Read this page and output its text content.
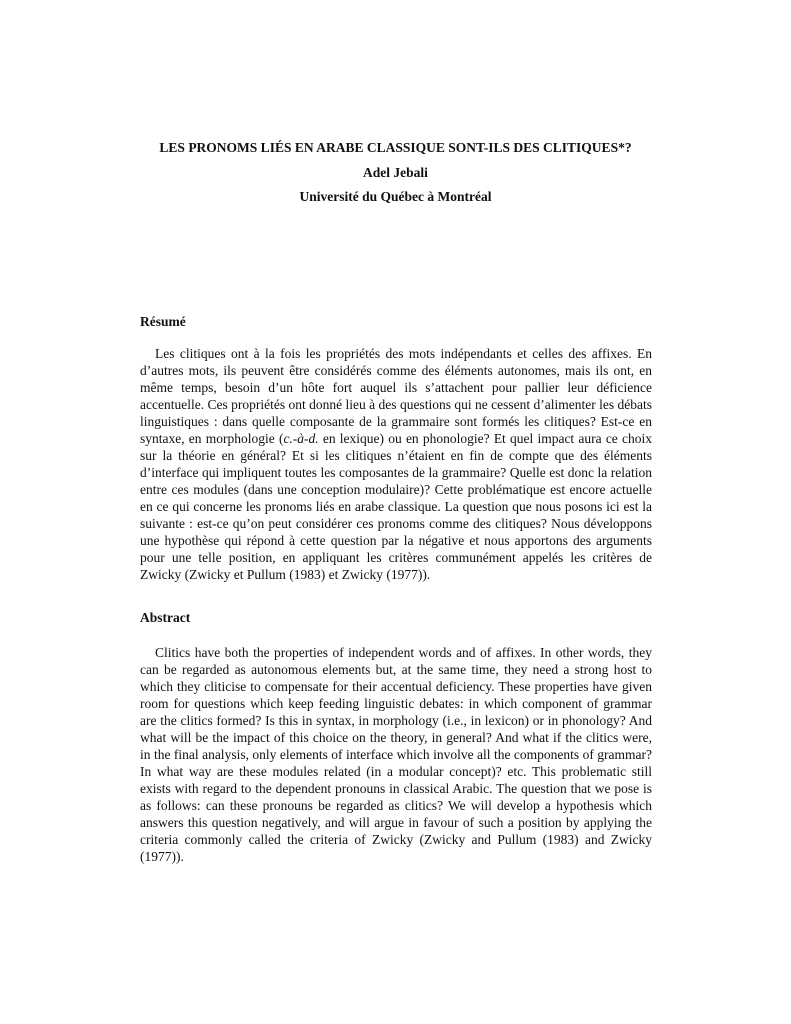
LES PRONOMS LIÉS EN ARABE CLASSIQUE SONT-ILS DES CLITIQUES*?
Adel Jebali
Université du Québec à Montréal
Résumé

Les clitiques ont à la fois les propriétés des mots indépendants et celles des affixes. En d’autres mots, ils peuvent être considérés comme des éléments autonomes, mais ils ont, en même temps, besoin d’un hôte fort auquel ils s’attachent pour pallier leur déficience accentuelle. Ces propriétés ont donné lieu à des questions qui ne cessent d’alimenter les débats linguistiques : dans quelle composante de la grammaire sont formés les clitiques? Est-ce en syntaxe, en morphologie (c.-à-d. en lexique) ou en phonologie? Et quel impact aura ce choix sur la théorie en général? Et si les clitiques n’étaient en fin de compte que des éléments d’interface qui impliquent toutes les composantes de la grammaire? Quelle est donc la relation entre ces modules (dans une conception modulaire)? Cette problématique est encore actuelle en ce qui concerne les pronoms liés en arabe classique. La question que nous posons ici est la suivante : est-ce qu’on peut considérer ces pronoms comme des clitiques? Nous développons une hypothèse qui répond à cette question par la négative et nous apportons des arguments pour une telle position, en appliquant les critères communément appelés les critères de Zwicky (Zwicky et Pullum (1983) et Zwicky (1977)).

Abstract

Clitics have both the properties of independent words and of affixes. In other words, they can be regarded as autonomous elements but, at the same time, they need a strong host to which they cliticise to compensate for their accentual deficiency. These properties have given room for questions which keep feeding linguistic debates: in which component of grammar are the clitics formed? Is this in syntax, in morphology (i.e., in lexicon) or in phonology? And what will be the impact of this choice on the theory, in general? And what if the clitics were, in the final analysis, only elements of interface which involve all the components of grammar? In what way are these modules related (in a modular concept)? etc. This problematic still exists with regard to the dependent pronouns in classical Arabic. The question that we pose is as follows: can these pronouns be regarded as clitics? We will develop a hypothesis which answers this question negatively, and will argue in favour of such a position by applying the criteria commonly called the criteria of Zwicky (Zwicky and Pullum (1983) and Zwicky (1977)).
